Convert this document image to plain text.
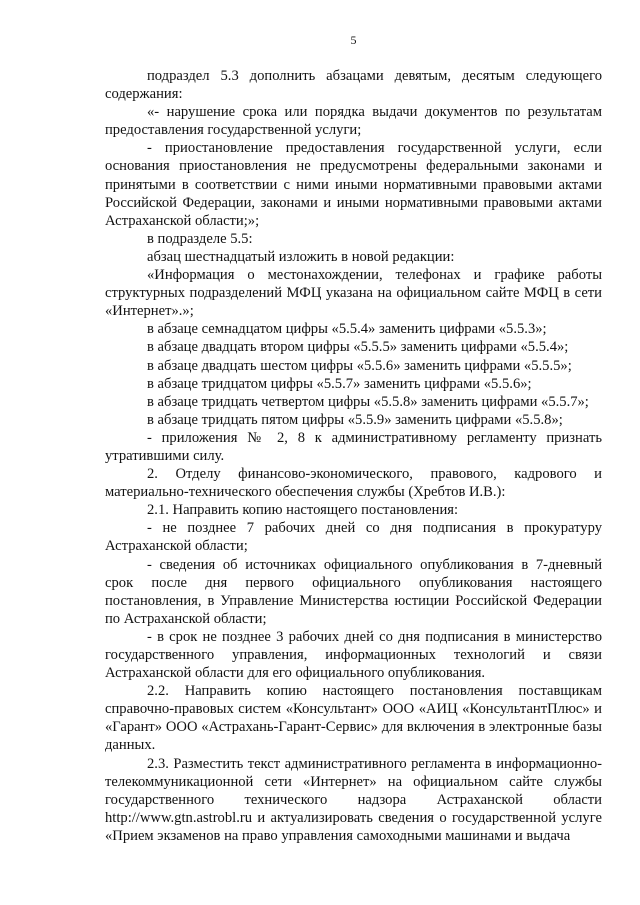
5

подраздел 5.3 дополнить абзацами девятым, десятым следующего содержания:

«- нарушение срока или порядка выдачи документов по результатам предоставления государственной услуги;

- приостановление предоставления государственной услуги, если основания приостановления не предусмотрены федеральными законами и принятыми в соответствии с ними иными нормативными правовыми актами Российской Федерации, законами и иными нормативными правовыми актами Астраханской области;»;

в подразделе 5.5:

абзац шестнадцатый изложить в новой редакции:

«Информация о местонахождении, телефонах и графике работы структурных подразделений МФЦ указана на официальном сайте МФЦ в сети «Интернет».»;

в абзаце семнадцатом цифры «5.5.4» заменить цифрами «5.5.3»;

в абзаце двадцать втором цифры «5.5.5» заменить цифрами «5.5.4»;

в абзаце двадцать шестом цифры «5.5.6» заменить цифрами «5.5.5»;

в абзаце тридцатом цифры «5.5.7» заменить цифрами «5.5.6»;

в абзаце тридцать четвертом цифры «5.5.8» заменить цифрами «5.5.7»;

в абзаце тридцать пятом цифры «5.5.9» заменить цифрами «5.5.8»;

- приложения № 2, 8 к административному регламенту признать утратившими силу.

2. Отделу финансово-экономического, правового, кадрового и материально-технического обеспечения службы (Хребтов И.В.):

2.1. Направить копию настоящего постановления:

- не позднее 7 рабочих дней со дня подписания в прокуратуру Астраханской области;

- сведения об источниках официального опубликования в 7-дневный срок после дня первого официального опубликования настоящего постановления, в Управление Министерства юстиции Российской Федерации по Астраханской области;

- в срок не позднее 3 рабочих дней со дня подписания в министерство государственного управления, информационных технологий и связи Астраханской области для его официального опубликования.

2.2. Направить копию настоящего постановления поставщикам справочно-правовых систем «Консультант» ООО «АИЦ «КонсультантПлюс» и «Гарант» ООО «Астрахань-Гарант-Сервис» для включения в электронные базы данных.

2.3. Разместить текст административного регламента в информационно-телекоммуникационной сети «Интернет» на официальном сайте службы государственного технического надзора Астраханской области http://www.gtn.astrobl.ru и актуализировать сведения о государственной услуге «Прием экзаменов на право управления самоходными машинами и выдача
